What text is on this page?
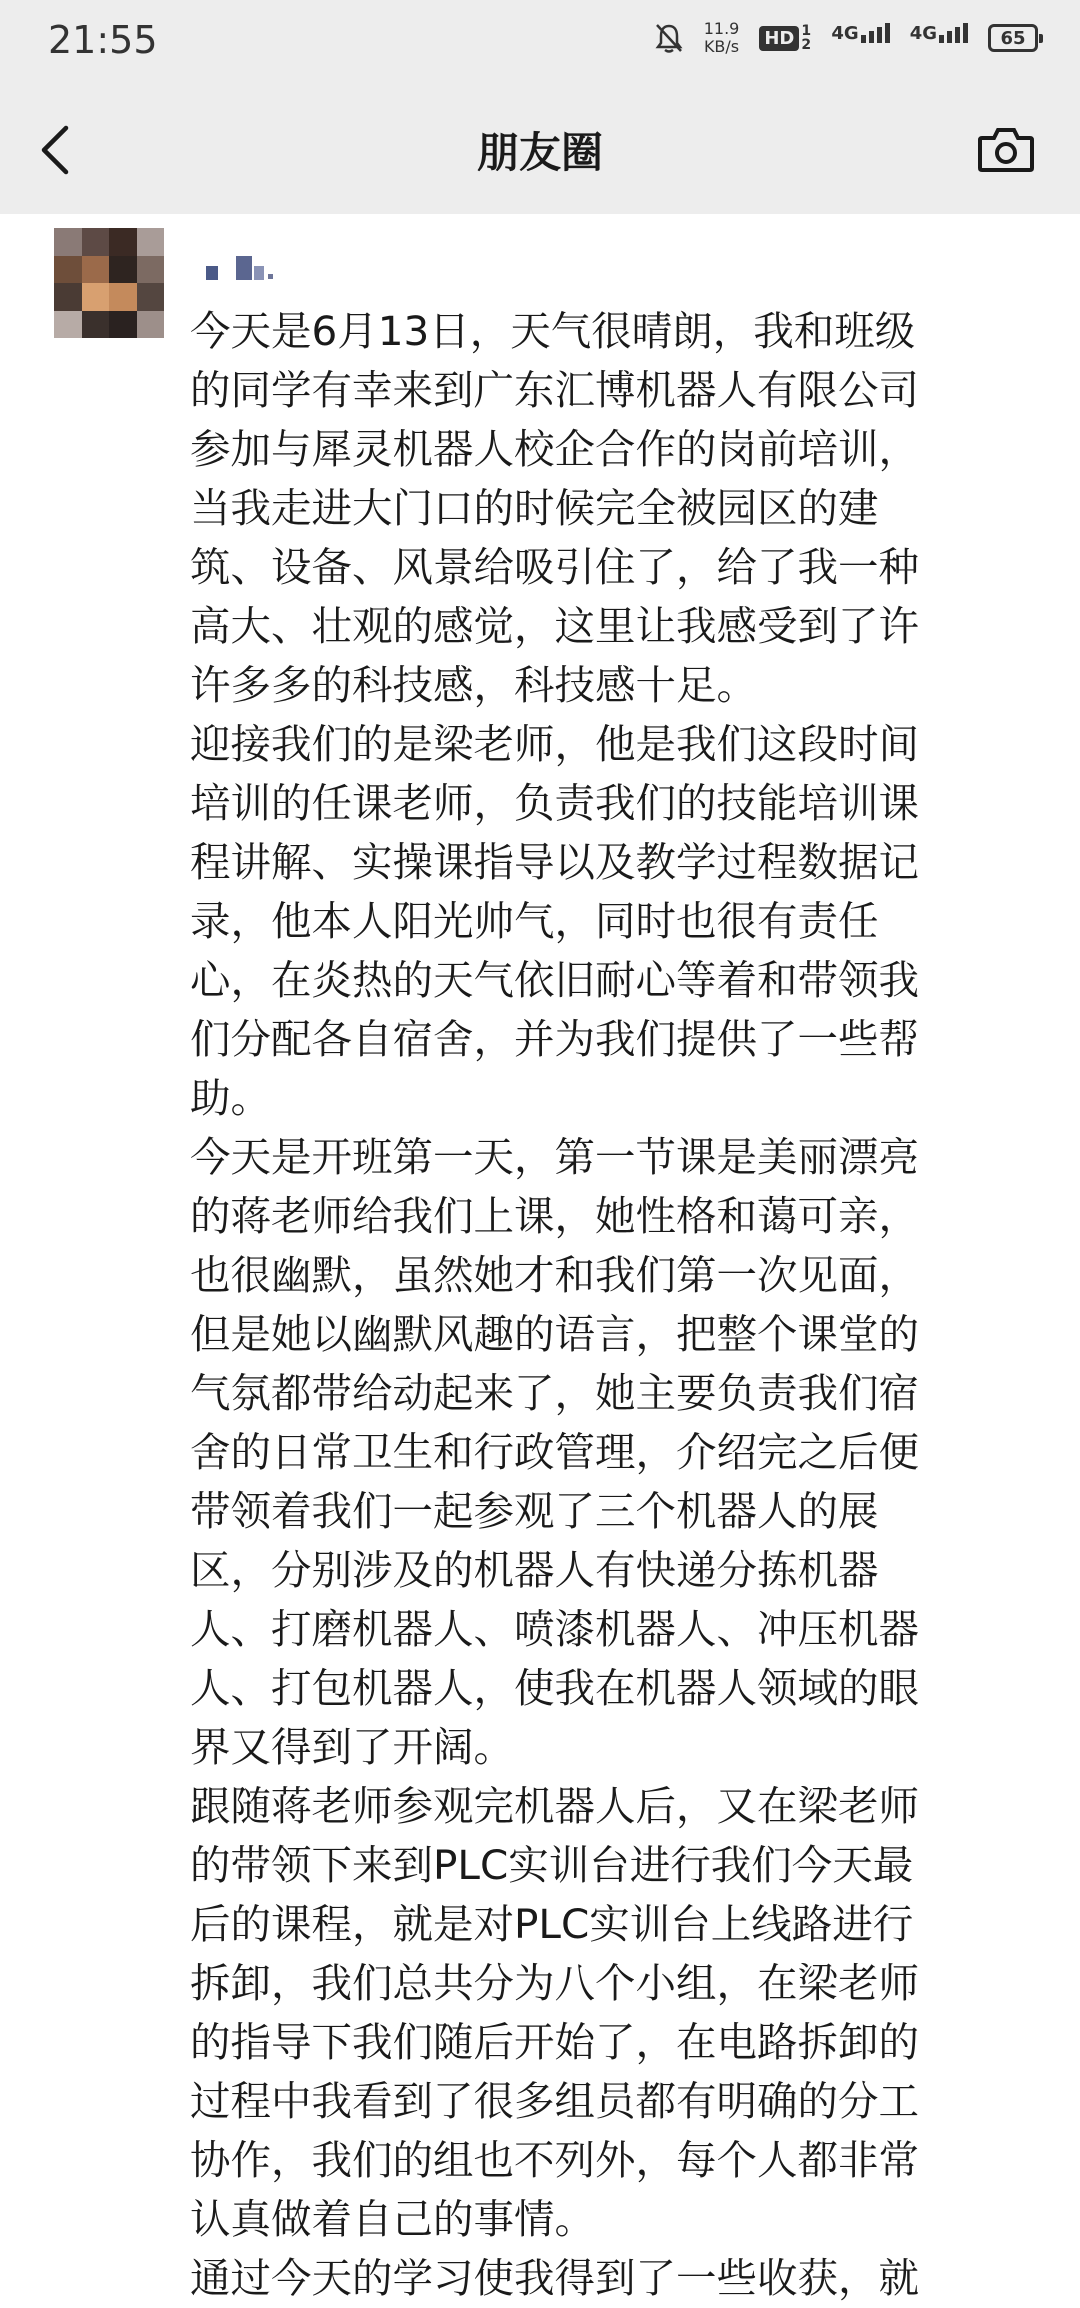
21:55	11.9
KB/s HD 1 2
4G	4G	65
朋友圈
今天是6月13日，天气很晴朗，我和班级
的同学有幸来到广东汇博机器人有限公司
参加与犀灵机器人校企合作的岗前培训，
当我走进大门口的时候完全被园区的建
筑、设备、风景给吸引住了，给了我一种
高大、壮观的感觉，这里让我感受到了许
许多多的科技感，科技感十足。
迎接我们的是梁老师，他是我们这段时间
培训的任课老师，负责我们的技能培训课
程讲解、实操课指导以及教学过程数据记
录，他本人阳光帅气，同时也很有责任
心，在炎热的天气依旧耐心等着和带领我
们分配各自宿舍，并为我们提供了一些帮
助。
今天是开班第一天，第一节课是美丽漂亮
的蒋老师给我们上课，她性格和蔼可亲，
也很幽默，虽然她才和我们第一次见面，
但是她以幽默风趣的语言，把整个课堂的
气氛都带给动起来了，她主要负责我们宿
舍的日常卫生和行政管理，介绍完之后便
带领着我们一起参观了三个机器人的展
区，分别涉及的机器人有快递分拣机器
人、打磨机器人、喷漆机器人、冲压机器
人、打包机器人，使我在机器人领域的眼
界又得到了开阔。
跟随蒋老师参观完机器人后，又在梁老师
的带领下来到PLC实训台进行我们今天最
后的课程，就是对PLC实训台上线路进行
拆卸，我们总共分为八个小组，在梁老师
的指导下我们随后开始了，在电路拆卸的
过程中我看到了很多组员都有明确的分工
协作，我们的组也不列外，每个人都非常
认真做着自己的事情。
通过今天的学习使我得到了一些收获，就
